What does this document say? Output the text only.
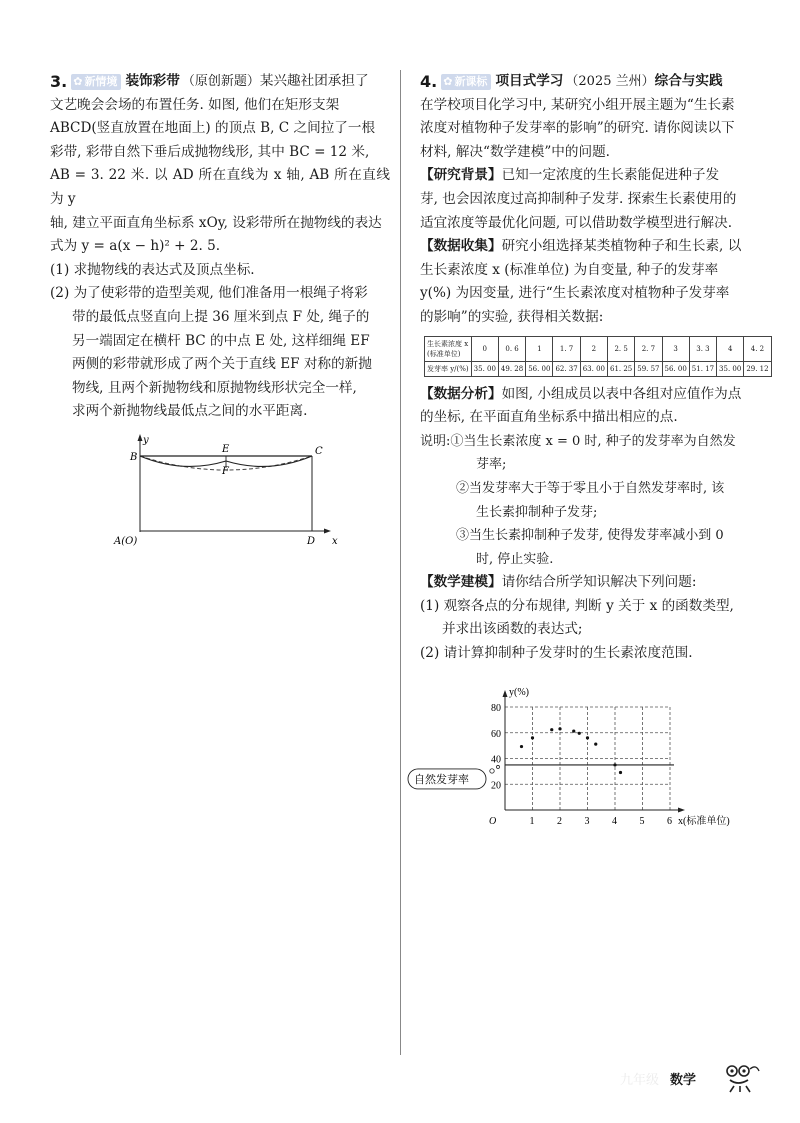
3. ✿ 新情境 装饰彩带 （原创新题） 某兴趣社团承担了
文艺晚会会场的布置任务. 如图, 他们在矩形支架
ABCD(竖直放置在地面上) 的顶点 B, C 之间拉了一根
彩带, 彩带自然下垂后成抛物线形, 其中 BC = 12 米,
AB = 3. 22 米. 以 AD 所在直线为 x 轴, AB 所在直线为 y
轴, 建立平面直角坐标系 xOy, 设彩带所在抛物线的表达
式为 y = a(x − h)² + 2. 5.
(1) 求抛物线的表达式及顶点坐标.
(2) 为了使彩带的造型美观, 他们准备用一根绳子将彩
带的最低点竖直向上提 36 厘米到点 F 处, 绳子的
另一端固定在横杆 BC 的中点 E 处, 这样细绳 EF
两侧的彩带就形成了两个关于直线 EF 对称的新抛
物线, 且两个新抛物线和原抛物线形状完全一样,
求两个新抛物线最低点之间的水平距离.
y
B
C
E
F
A(O)	D x
4. ✿ 新课标 项目式学习 （2025 兰州） 综合与实践
在学校项目化学习中, 某研究小组开展主题为“生长素
浓度对植物种子发芽率的影响”的研究. 请你阅读以下
材料, 解决“数学建模”中的问题.
【研究背景】已知一定浓度的生长素能促进种子发
芽, 也会因浓度过高抑制种子发芽. 探索生长素使用的
适宜浓度等最优化问题, 可以借助数学模型进行解决.
【数据收集】研究小组选择某类植物种子和生长素, 以
生长素浓度 x (标准单位) 为自变量, 种子的发芽率
y(%) 为因变量, 进行“生长素浓度对植物种子发芽率
的影响”的实验, 获得相关数据:
生长素浓度 x
(标准单位)	0	0. 6	1	1. 7	2	2. 5	2. 7	3	3. 3	4	4. 2
发芽率 y/(%)	35. 00	49. 28	56. 00	62. 37	63. 00	61. 25	59. 57	56. 00	51. 17	35. 00	29. 12
【数据分析】如图, 小组成员以表中各组对应值作为点
的坐标, 在平面直角坐标系中描出相应的点.
说明:①当生长素浓度 x = 0 时, 种子的发芽率为自然发
芽率;
②当发芽率大于等于零且小于自然发芽率时, 该
生长素抑制种子发芽;
③当生长素抑制种子发芽, 使得发芽率减小到 0
时, 停止实验.
【数学建模】请你结合所学知识解决下列问题:
(1) 观察各点的分布规律, 判断 y 关于 x 的函数类型,
并求出该函数的表达式;
(2) 请计算抑制种子发芽时的生长素浓度范围.
1 2 3 4 5 6
20
40
60
80
O	x(标准单位)
y(%)
自然发芽率
九年级 数学
